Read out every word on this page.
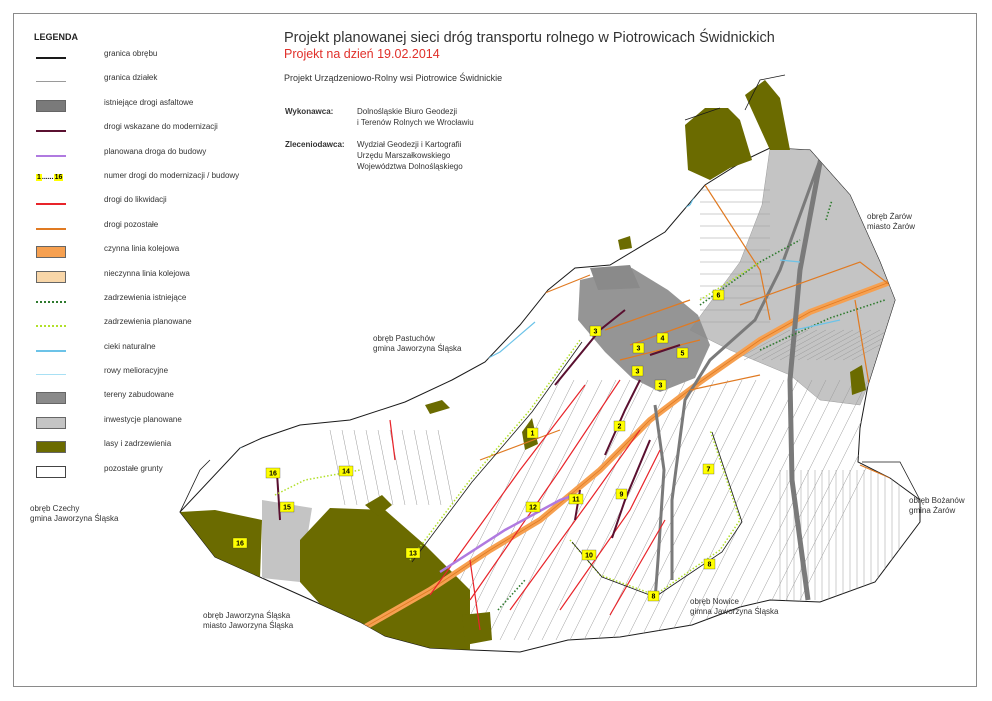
1
2
3
3
3
3
4
5
6
7
8
8
9
10
11
12
13
14
15
16
16
LEGENDA
granica obrębu
granica działek
istniejące drogi asfaltowe
drogi wskazane do modernizacji
planowana droga do budowy
1......16	numer drogi do modernizacji / budowy
drogi do likwidacji
drogi pozostałe
czynna linia kolejowa
nieczynna linia kolejowa
zadrzewienia istniejące
zadrzewienia planowane
cieki naturalne
rowy melioracyjne
tereny zabudowane
inwestycje planowane
lasy i zadrzewienia
pozostałe grunty
Projekt planowanej sieci dróg transportu rolnego w Piotrowicach Świdnickich
Projekt na dzień 19.02.2014
Projekt Urządzeniowo-Rolny wsi Piotrowice Świdnickie
Wykonawca:	Dolnośląskie Biuro Geodezji
i Terenów Rolnych we Wrocławiu
Zleceniodawca: Wydział Geodezji i Kartografii
Urzędu Marszałkowskiego
Województwa Dolnośląskiego
obręb Pastuchów
gmina Jaworzyna Śląska
obręb Czechy
gmina Jaworzyna Śląska
obręb Żarów
miasto Żarów
obręb Bożanów
gmina Żarów
obręb Jaworzyna Śląska
miasto Jaworzyna Śląska
obręb Nowice
gimna Jaworzyna Śląska
